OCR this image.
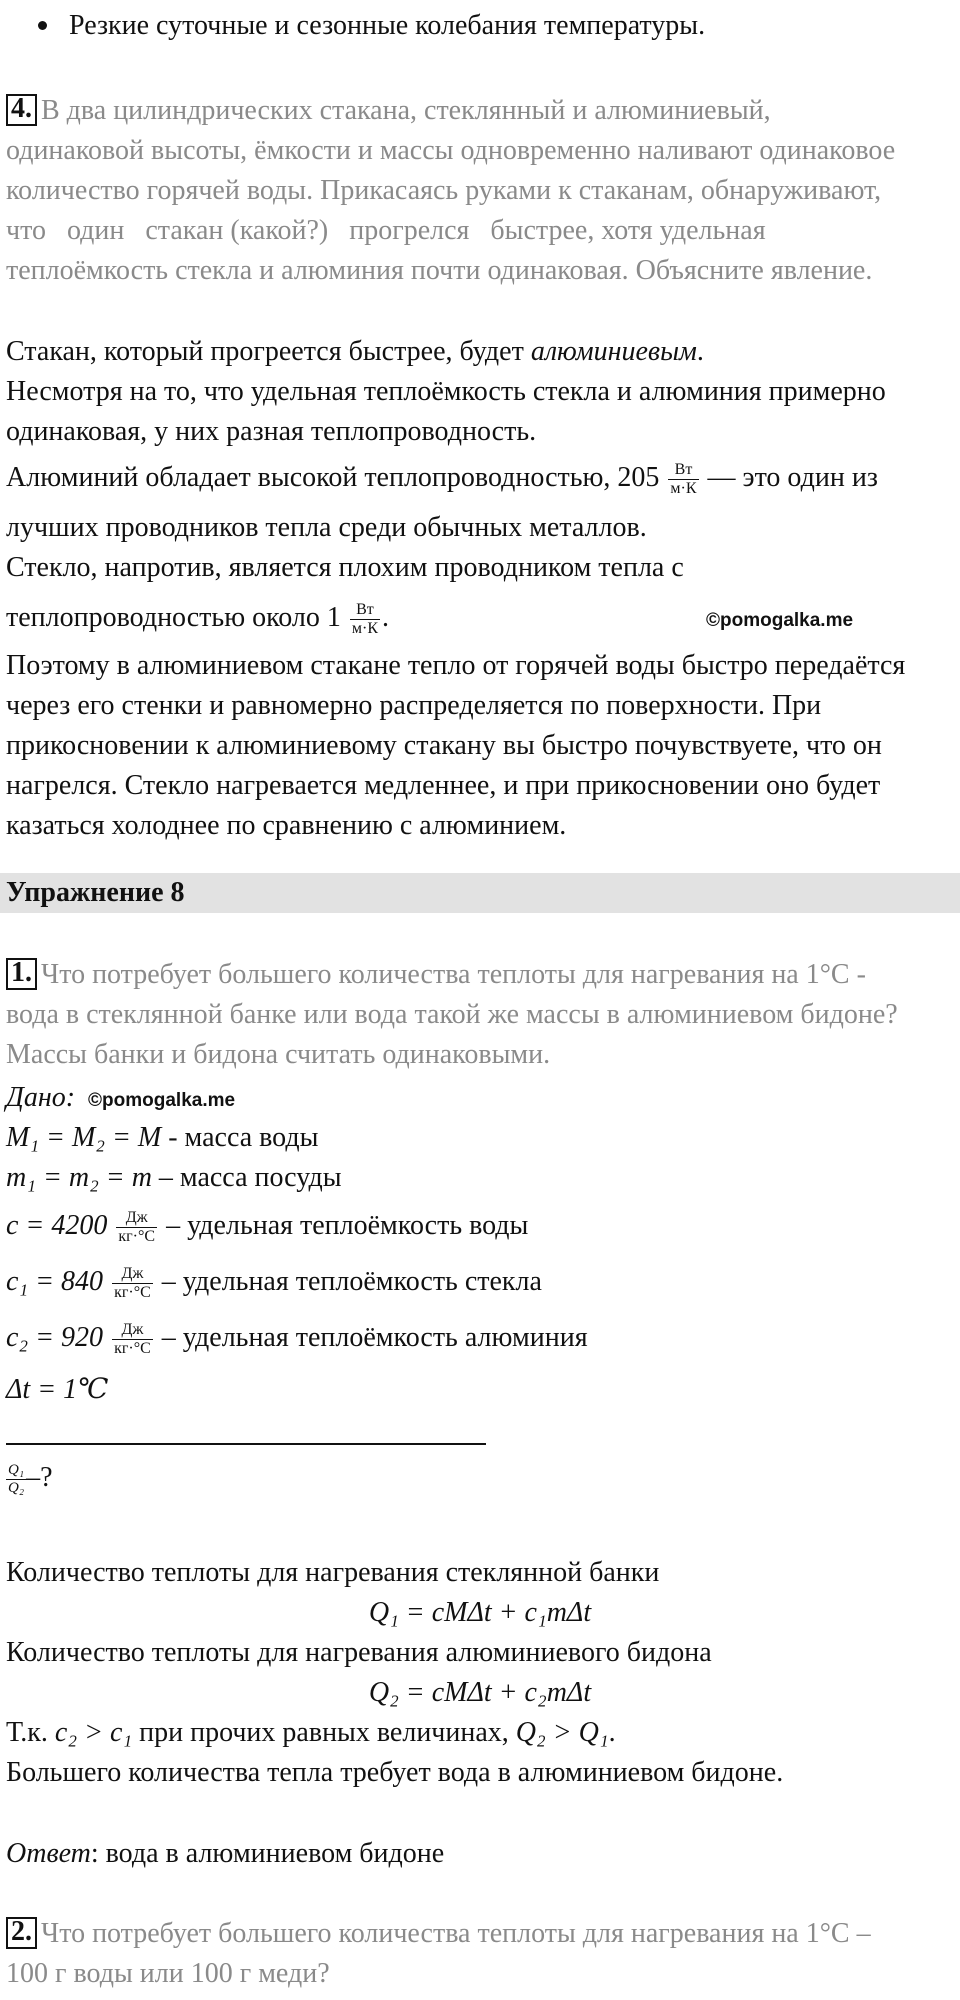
Резкие суточные и сезонные колебания температуры.
4. В два цилиндрических стакана, стеклянный и алюминиевый,
одинаковой высоты, ёмкости и массы одновременно наливают одинаковое
количество горячей воды. Прикасаясь руками к стаканам, обнаруживают,
что   один   стакан (какой?)   прогрелся   быстрее, хотя удельная
теплоёмкость стекла и алюминия почти одинаковая. Объясните явление.
Стакан, который прогреется быстрее, будет алюминиевым.
Несмотря на то, что удельная теплоёмкость стекла и алюминия примерно
одинаковая, у них разная теплопроводность.
Алюминий обладает высокой теплопроводностью, $205 \frac{Вт}{м\cdot К}$ — это один из
лучших проводников тепла среди обычных металлов.
Стекло, напротив, является плохим проводником тепла с
теплопроводностью около $1 \frac{Вт}{м\cdot К}$ .	©pomogalka.me
Поэтому в алюминиевом стакане тепло от горячей воды быстро передаётся
через его стенки и равномерно распределяется по поверхности. При
прикосновении к алюминиевому стакану вы быстро почувствуете, что он
нагрелся. Стекло нагревается медленнее, и при прикосновении оно будет
казаться холоднее по сравнению с алюминием.
Упражнение 8
1. Что потребует большего количества теплоты для нагревания на 1°С -
вода в стеклянной банке или вода такой же массы в алюминиевом бидоне?
Массы банки и бидона считать одинаковыми.
Дано: ©pomogalka.me
M₁ = M₂ = M - масса воды
m₁ = m₂ = m – масса посуды
$c = 4200 \frac{Дж}{кг\cdot^\circ С}$ – удельная теплоёмкость воды
$c_1 = 840 \frac{Дж}{кг\cdot^\circ С}$ – удельная теплоёмкость стекла
$c_2 = 920 \frac{Дж}{кг\cdot^\circ С}$ – удельная теплоёмкость алюминия
Δt = 1℃
$\frac{\text{Q₁}}{\text{Q₂}}$ –?
Количество теплоты для нагревания стеклянной банки
Q₁ = cMΔt + c₁mΔt
Количество теплоты для нагревания алюминиевого бидона
Q₂ = cMΔt + c₂mΔt
Т.к. c₂ > c₁ при прочих равных величинах, Q₂ > Q₁.
Большего количества тепла требует вода в алюминиевом бидоне.
Ответ: вода в алюминиевом бидоне
2. Что потребует большего количества теплоты для нагревания на 1°С –
100 г воды или 100 г меди?
